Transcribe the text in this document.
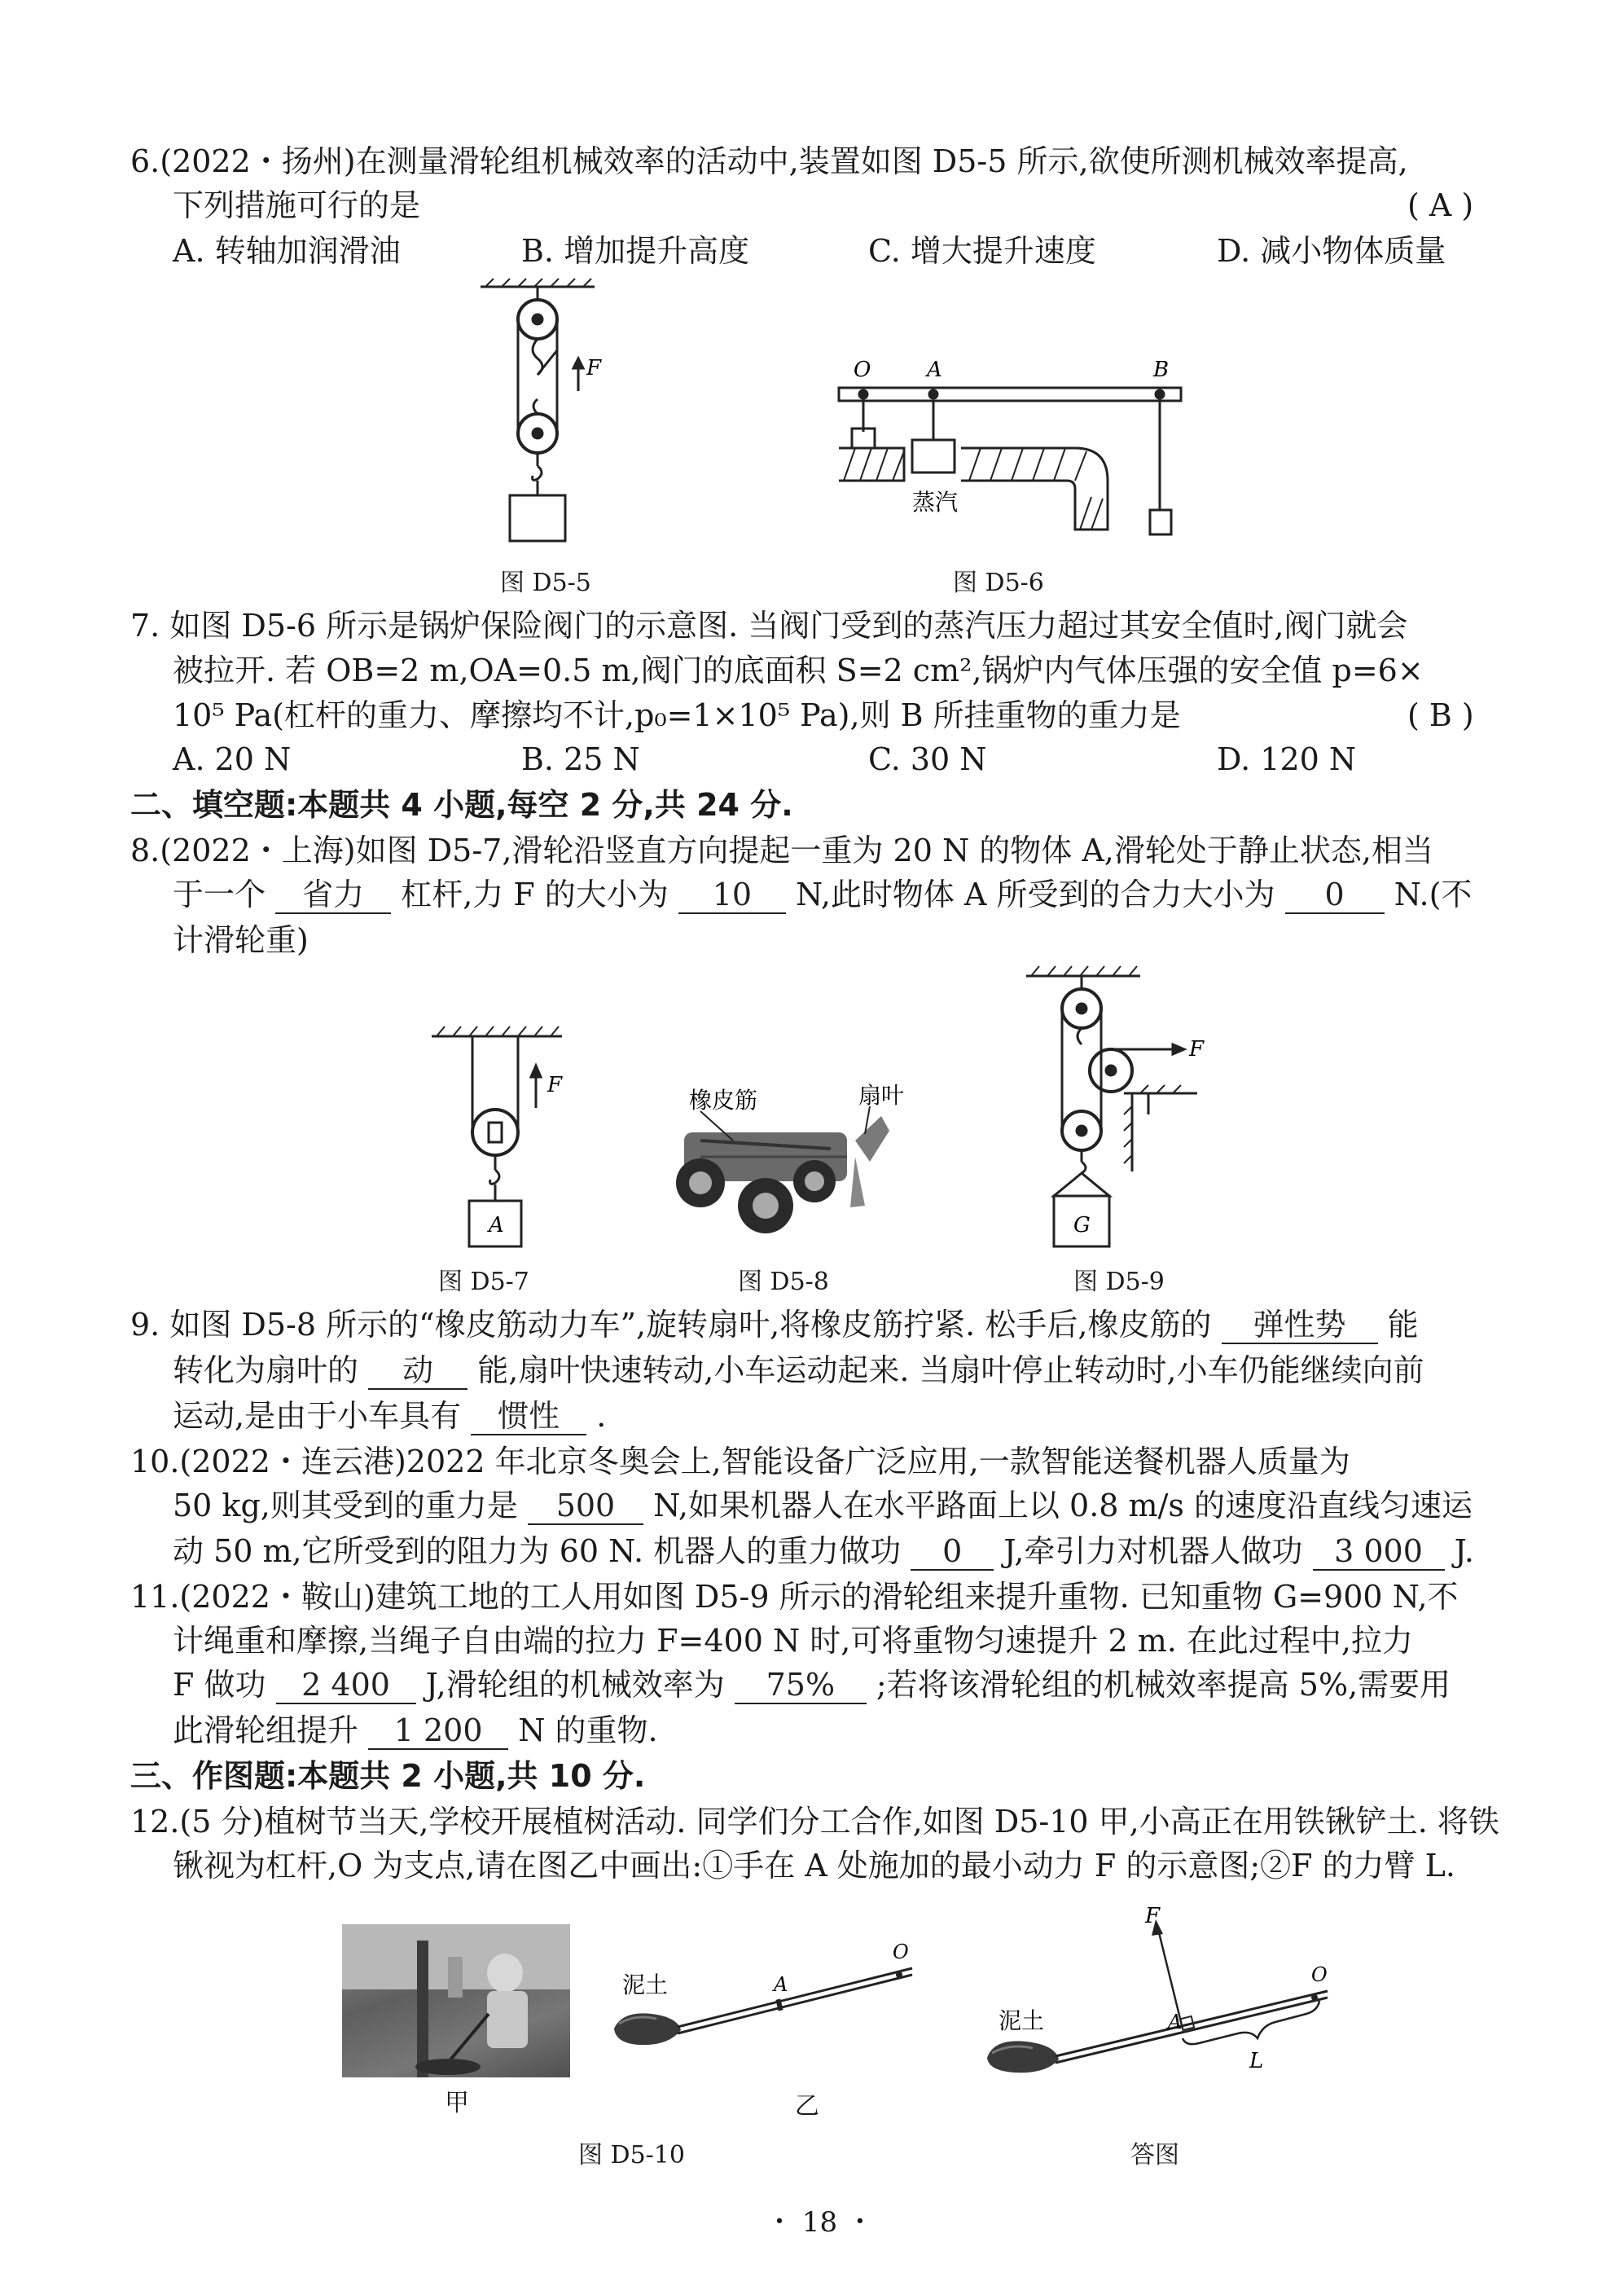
6.(2022・扬州)在测量滑轮组机械效率的活动中,装置如图 D5-5 所示,欲使所测机械效率提高,
下列措施可行的是	( A )
A. 转轴加润滑油	B. 增加提升高度	C. 增大提升速度	D. 减小物体质量
F
图 D5-5
O	A	B
蒸汽
图 D5-6
7. 如图 D5-6 所示是锅炉保险阀门的示意图. 当阀门受到的蒸汽压力超过其安全值时,阀门就会
被拉开. 若 OB=2 m,OA=0.5 m,阀门的底面积 S=2 cm²,锅炉内气体压强的安全值 p=6×
10⁵ Pa(杠杆的重力、摩擦均不计,p₀=1×10⁵ Pa),则 B 所挂重物的重力是	( B )
A. 20 N	B. 25 N	C. 30 N	D. 120 N
二、填空题:本题共 4 小题,每空 2 分,共 24 分.
8.(2022・上海)如图 D5-7,滑轮沿竖直方向提起一重为 20 N 的物体 A,滑轮处于静止状态,相当
于一个 省力 杠杆,力 F 的大小为 10 N,此时物体 A 所受到的合力大小为 0 N.(不
计滑轮重)
F
A
图 D5-7
橡皮筋	扇叶
图 D5-8
F
G
图 D5-9
9. 如图 D5-8 所示的“橡皮筋动力车”,旋转扇叶,将橡皮筋拧紧. 松手后,橡皮筋的 弹性势 能
转化为扇叶的 动 能,扇叶快速转动,小车运动起来. 当扇叶停止转动时,小车仍能继续向前
运动,是由于小车具有 惯性 .
10.(2022・连云港)2022 年北京冬奥会上,智能设备广泛应用,一款智能送餐机器人质量为
50 kg,则其受到的重力是 500 N,如果机器人在水平路面上以 0.8 m/s 的速度沿直线匀速运
动 50 m,它所受到的阻力为 60 N. 机器人的重力做功 0 J,牵引力对机器人做功 3 000 J.
11.(2022・鞍山)建筑工地的工人用如图 D5-9 所示的滑轮组来提升重物. 已知重物 G=900 N,不
计绳重和摩擦,当绳子自由端的拉力 F=400 N 时,可将重物匀速提升 2 m. 在此过程中,拉力
F 做功 2 400 J,滑轮组的机械效率为 75% ;若将该滑轮组的机械效率提高 5%,需要用
此滑轮组提升 1 200 N 的重物.
三、作图题:本题共 2 小题,共 10 分.
12.(5 分)植树节当天,学校开展植树活动. 同学们分工合作,如图 D5-10 甲,小高正在用铁锹铲土. 将铁
锹视为杠杆,O 为支点,请在图乙中画出:①手在 A 处施加的最小动力 F 的示意图;②F 的力臂 L.
甲
泥土	A
O
乙
图 D5-10
F
泥土	A
O
L
答图
・ 18 ・
